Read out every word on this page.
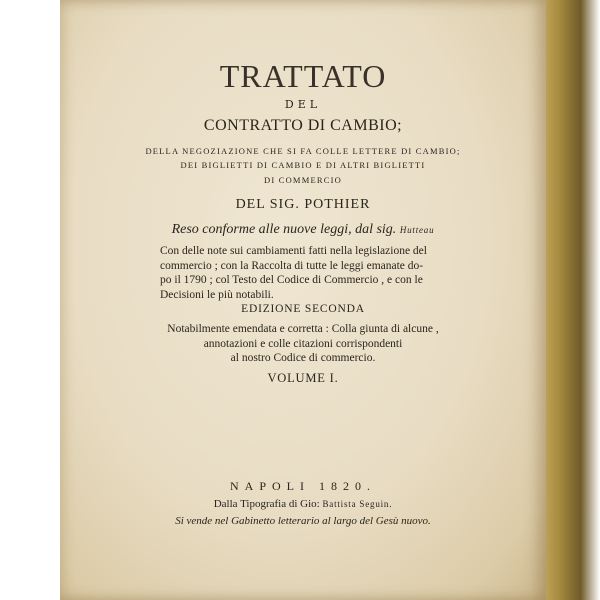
TRATTATO
DEL
CONTRATTO DI CAMBIO;
DELLA NEGOZIAZIONE CHE SI FA COLLE LETTERE DI CAMBIO;
DEI BIGLIETTI DI CAMBIO E DI ALTRI BIGLIETTI
DI COMMERCIO
DEL SIG. POTHIER
Reso conforme alle nuove leggi, dal sig. Hutteau
Con delle note sui cambiamenti fatti nella legislazione del
commercio ; con la Raccolta di tutte le leggi emanate do-
po il 1790 ; col Testo del Codice di Commercio , e con le
Decisioni le più notabili.
EDIZIONE SECONDA
Notabilmente emendata e corretta : Colla giunta di alcune ,
annotazioni e colle citazioni corrispondenti
al nostro Codice di commercio.
VOLUME I.
NAPOLI 1820.
Dalla Tipografia di Gio: Battista Seguin.
Si vende nel Gabinetto letterario al largo del Gesù nuovo.
